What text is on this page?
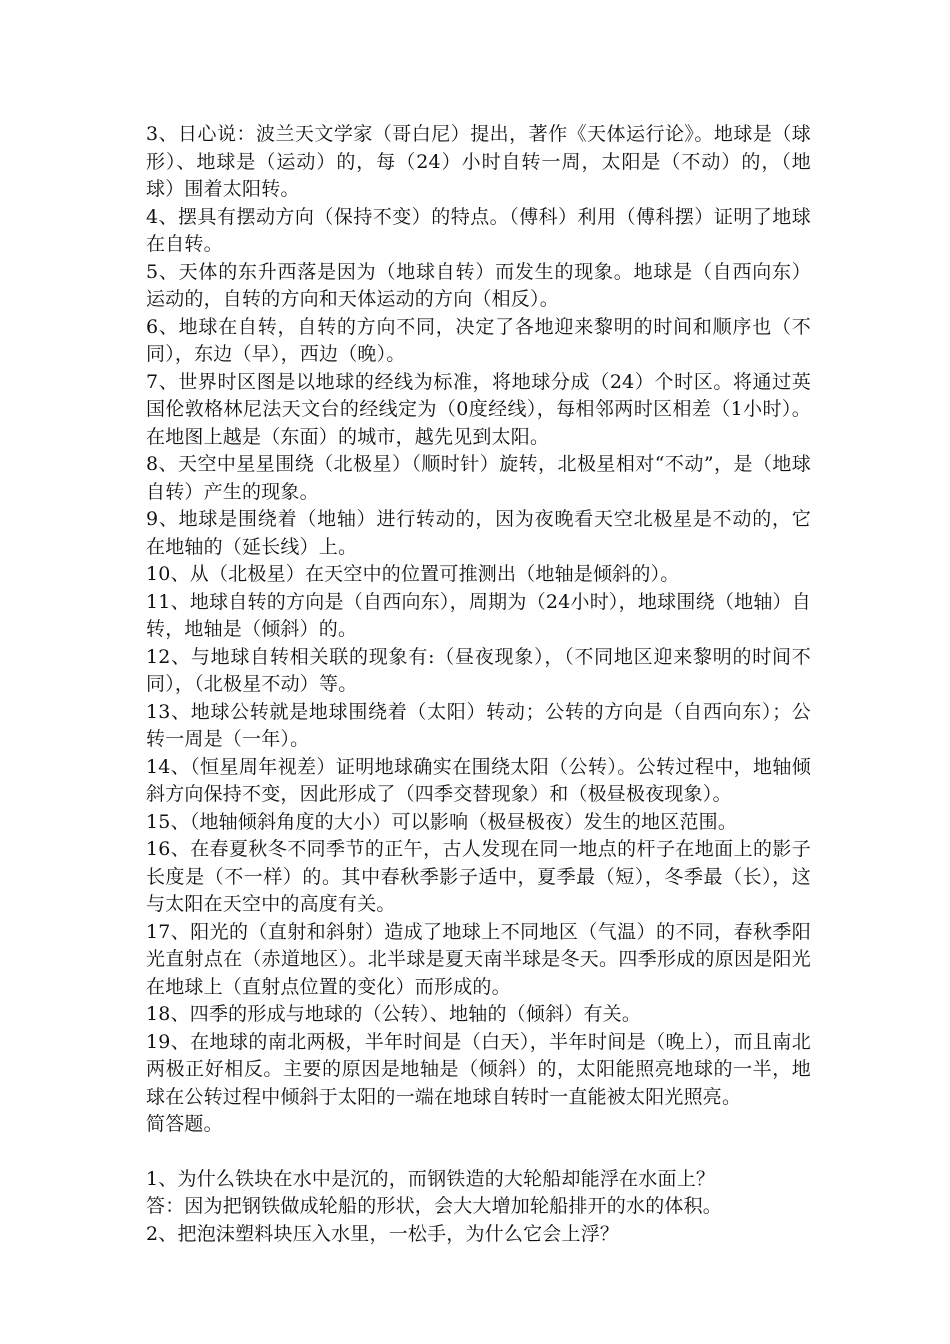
3、日心说：波兰天文学家（哥白尼）提出，著作《天体运行论》。地球是（球形）、地球是（运动）的，每（24）小时自转一周，太阳是（不动）的，（地球）围着太阳转。

4、摆具有摆动方向（保持不变）的特点。（傅科）利用（傅科摆）证明了地球在自转。

5、天体的东升西落是因为（地球自转）而发生的现象。地球是（自西向东）运动的，自转的方向和天体运动的方向（相反）。

6、地球在自转，自转的方向不同，决定了各地迎来黎明的时间和顺序也（不同），东边（早），西边（晚）。

7、世界时区图是以地球的经线为标准，将地球分成（24）个时区。将通过英国伦敦格林尼法天文台的经线定为（0度经线），每相邻两时区相差（1小时）。在地图上越是（东面）的城市，越先见到太阳。

8、天空中星星围绕（北极星）（顺时针）旋转，北极星相对“不动”，是（地球自转）产生的现象。

9、地球是围绕着（地轴）进行转动的，因为夜晚看天空北极星是不动的，它在地轴的（延长线）上。

10、从（北极星）在天空中的位置可推测出（地轴是倾斜的）。

11、地球自转的方向是（自西向东），周期为（24小时），地球围绕（地轴）自转，地轴是（倾斜）的。

12、与地球自转相关联的现象有:（昼夜现象），（不同地区迎来黎明的时间不同），（北极星不动）等。

13、地球公转就是地球围绕着（太阳）转动；公转的方向是（自西向东）；公转一周是（一年）。

14、（恒星周年视差）证明地球确实在围绕太阳（公转）。公转过程中，地轴倾斜方向保持不变，因此形成了（四季交替现象）和（极昼极夜现象）。

15、（地轴倾斜角度的大小）可以影响（极昼极夜）发生的地区范围。

16、在春夏秋冬不同季节的正午，古人发现在同一地点的杆子在地面上的影子长度是（不一样）的。其中春秋季影子适中，夏季最（短），冬季最（长），这与太阳在天空中的高度有关。

17、阳光的（直射和斜射）造成了地球上不同地区（气温）的不同，春秋季阳光直射点在（赤道地区）。北半球是夏天南半球是冬天。四季形成的原因是阳光在地球上（直射点位置的变化）而形成的。

18、四季的形成与地球的（公转）、地轴的（倾斜）有关。

19、在地球的南北两极，半年时间是（白天），半年时间是（晚上），而且南北两极正好相反。主要的原因是地轴是（倾斜）的，太阳能照亮地球的一半，地球在公转过程中倾斜于太阳的一端在地球自转时一直能被太阳光照亮。

简答题。

1、为什么铁块在水中是沉的，而钢铁造的大轮船却能浮在水面上？

答：因为把钢铁做成轮船的形状，会大大增加轮船排开的水的体积。

2、把泡沫塑料块压入水里，一松手，为什么它会上浮？
